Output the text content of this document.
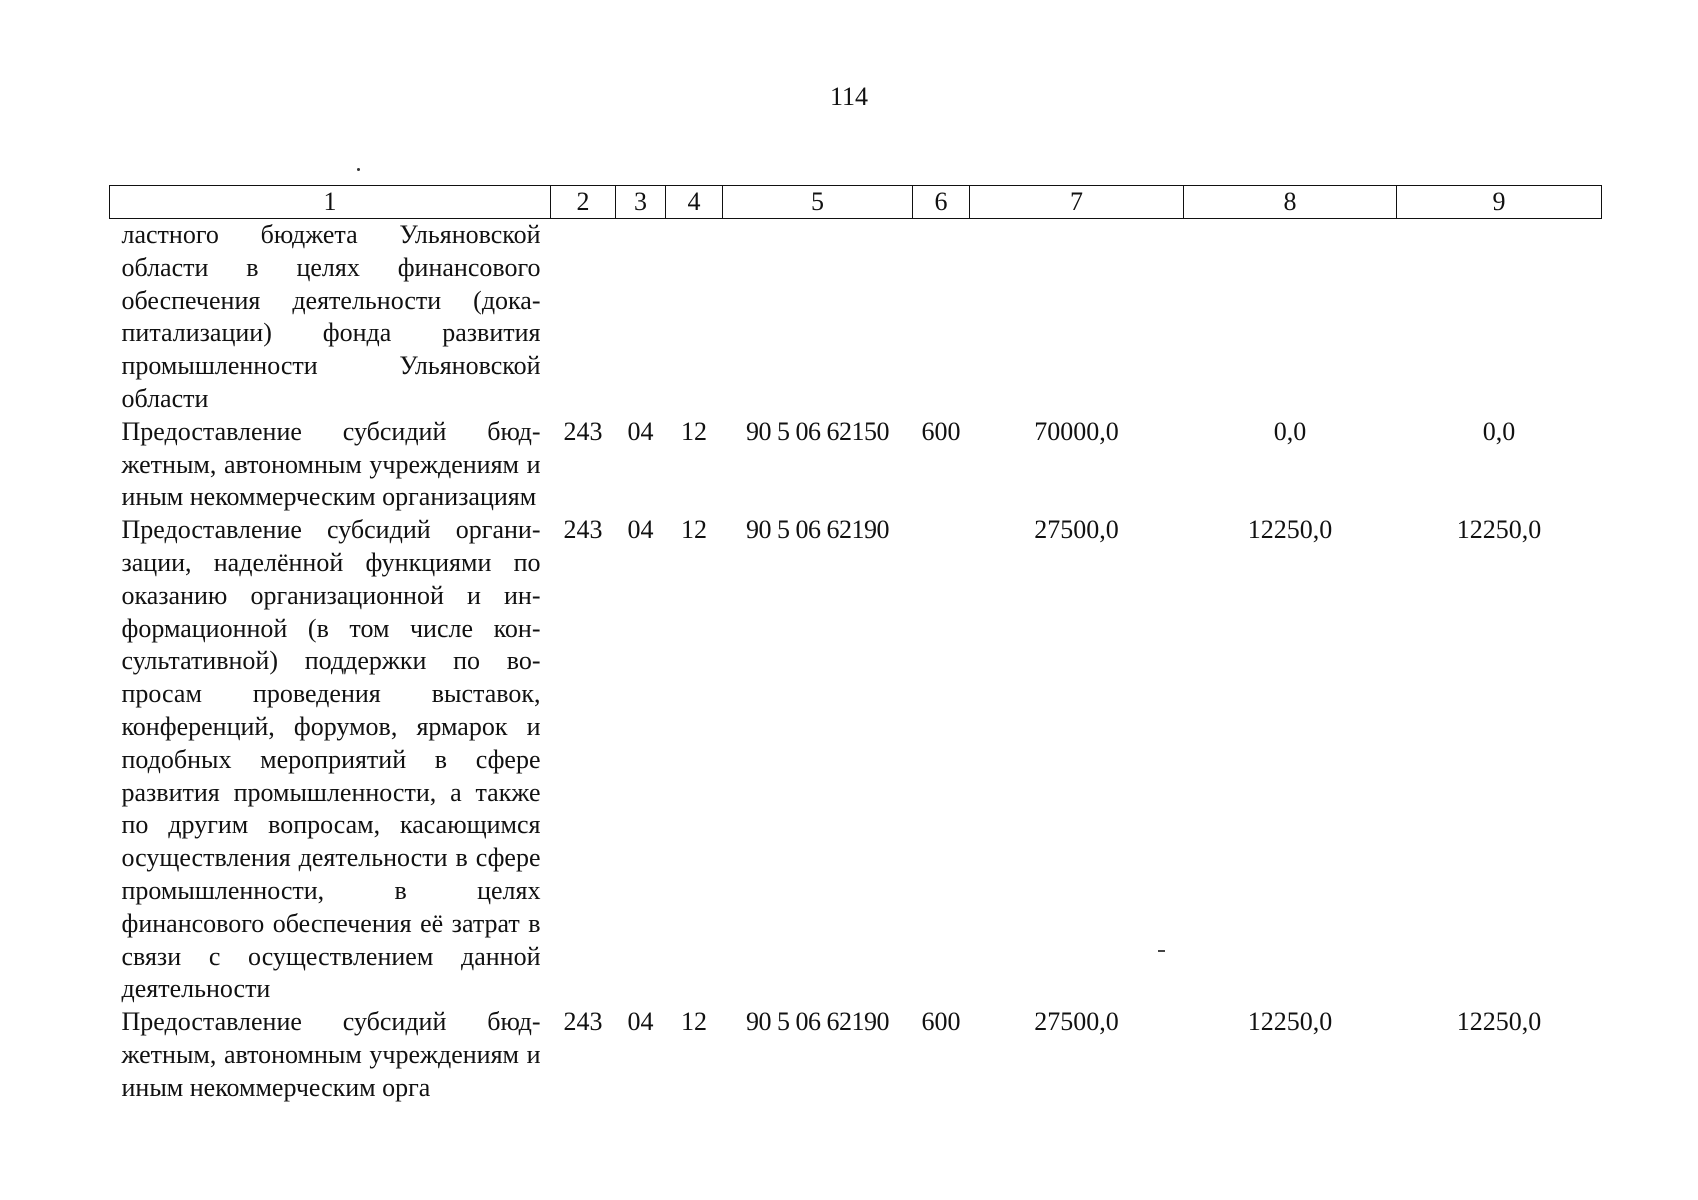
114
1	2	3	4	5	6	7	8	9
ластного бюджета Ульяновской области в целях финансового обеспечения деятельности (докапитализации) фонда развития промышленности Ульяновской области								
Предоставление субсидий бюджетным, автономным учреждениям и иным некоммерческим организациям	243	04	12	90 5 06 62150	600	70000,0	0,0	0,0
Предоставление субсидий организации, наделённой функциями по оказанию организационной и информационной (в том числе консультативной) поддержки по вопросам проведения выставок, конференций, форумов, ярмарок и подобных мероприятий в сфере развития промышленности, а также по другим вопросам, касающимся осуществления деятельности в сфере промышленности, в целях финансового обеспечения её затрат в связи с осуществлением данной деятельности	243	04	12	90 5 06 62190		27500,0	12250,0	12250,0
Предоставление субсидий бюджетным, автономным учреждениям и иным некоммерческим орга	243	04	12	90 5 06 62190	600	27500,0	12250,0	12250,0
